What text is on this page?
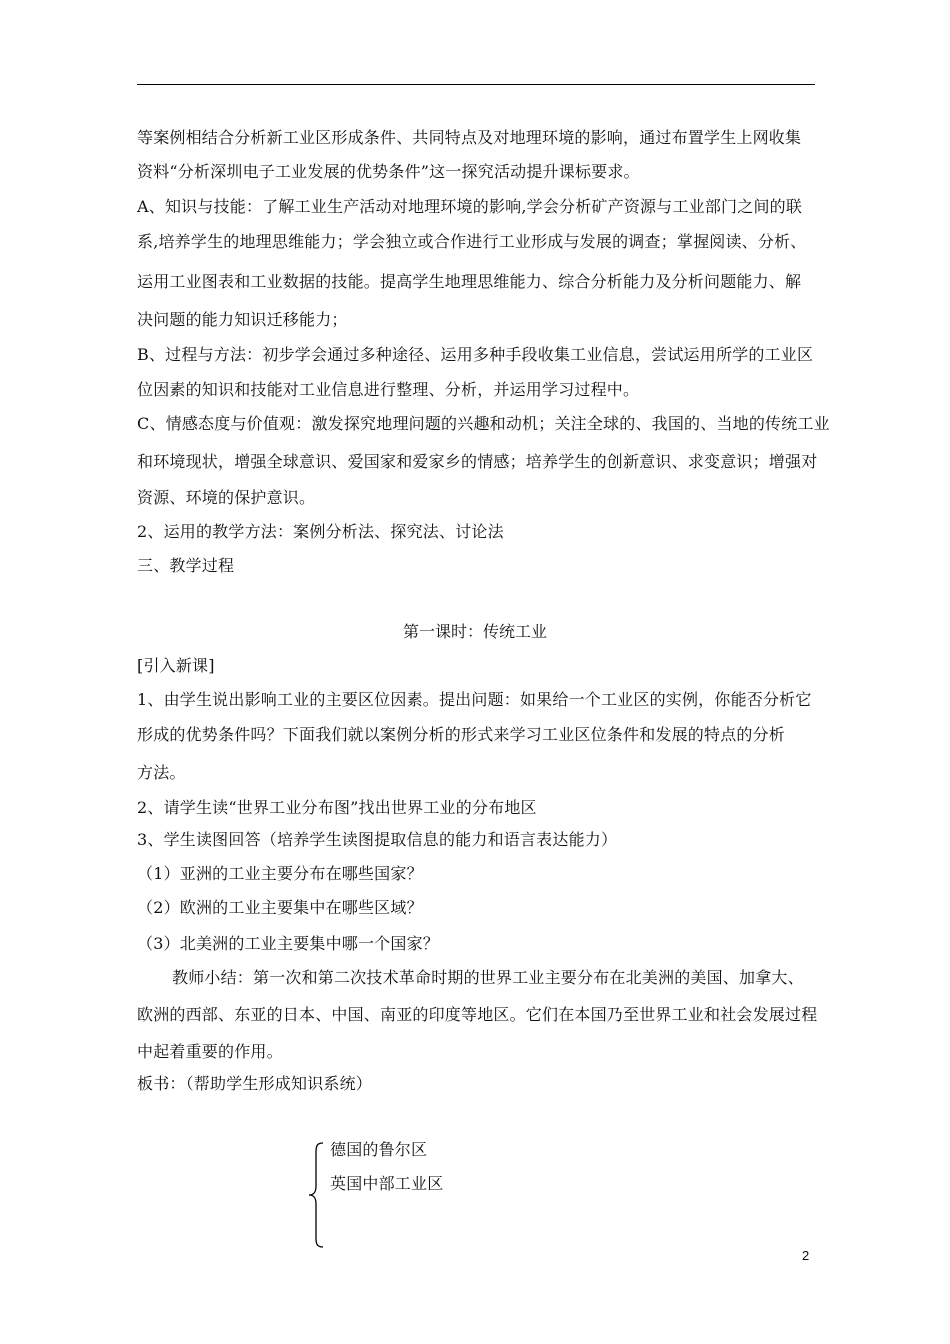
等案例相结合分析新工业区形成条件、共同特点及对地理环境的影响，通过布置学生上网收集
资料“分析深圳电子工业发展的优势条件”这一探究活动提升课标要求。
A、知识与技能：了解工业生产活动对地理环境的影响,学会分析矿产资源与工业部门之间的联
系,培养学生的地理思维能力；学会独立或合作进行工业形成与发展的调查；掌握阅读、分析、
运用工业图表和工业数据的技能。提高学生地理思维能力、综合分析能力及分析问题能力、解
决问题的能力知识迁移能力；
B、过程与方法：初步学会通过多种途径、运用多种手段收集工业信息，尝试运用所学的工业区
位因素的知识和技能对工业信息进行整理、分析，并运用学习过程中。
C、情感态度与价值观：激发探究地理问题的兴趣和动机；关注全球的、我国的、当地的传统工业
和环境现状，增强全球意识、爱国家和爱家乡的情感；培养学生的创新意识、求变意识；增强对
资源、环境的保护意识。
2、运用的教学方法：案例分析法、探究法、讨论法
三、教学过程
第一课时：传统工业
[引入新课]
1、由学生说出影响工业的主要区位因素。提出问题：如果给一个工业区的实例，你能否分析它
形成的优势条件吗？下面我们就以案例分析的形式来学习工业区位条件和发展的特点的分析
方法。
2、请学生读“世界工业分布图”找出世界工业的分布地区
3、学生读图回答（培养学生读图提取信息的能力和语言表达能力）
（1）亚洲的工业主要分布在哪些国家？
（2）欧洲的工业主要集中在哪些区域？
（3）北美洲的工业主要集中哪一个国家？
教师小结：第一次和第二次技术革命时期的世界工业主要分布在北美洲的美国、加拿大、
欧洲的西部、东亚的日本、中国、南亚的印度等地区。它们在本国乃至世界工业和社会发展过程
中起着重要的作用。
板书：（帮助学生形成知识系统）
德国的鲁尔区
英国中部工业区
2
